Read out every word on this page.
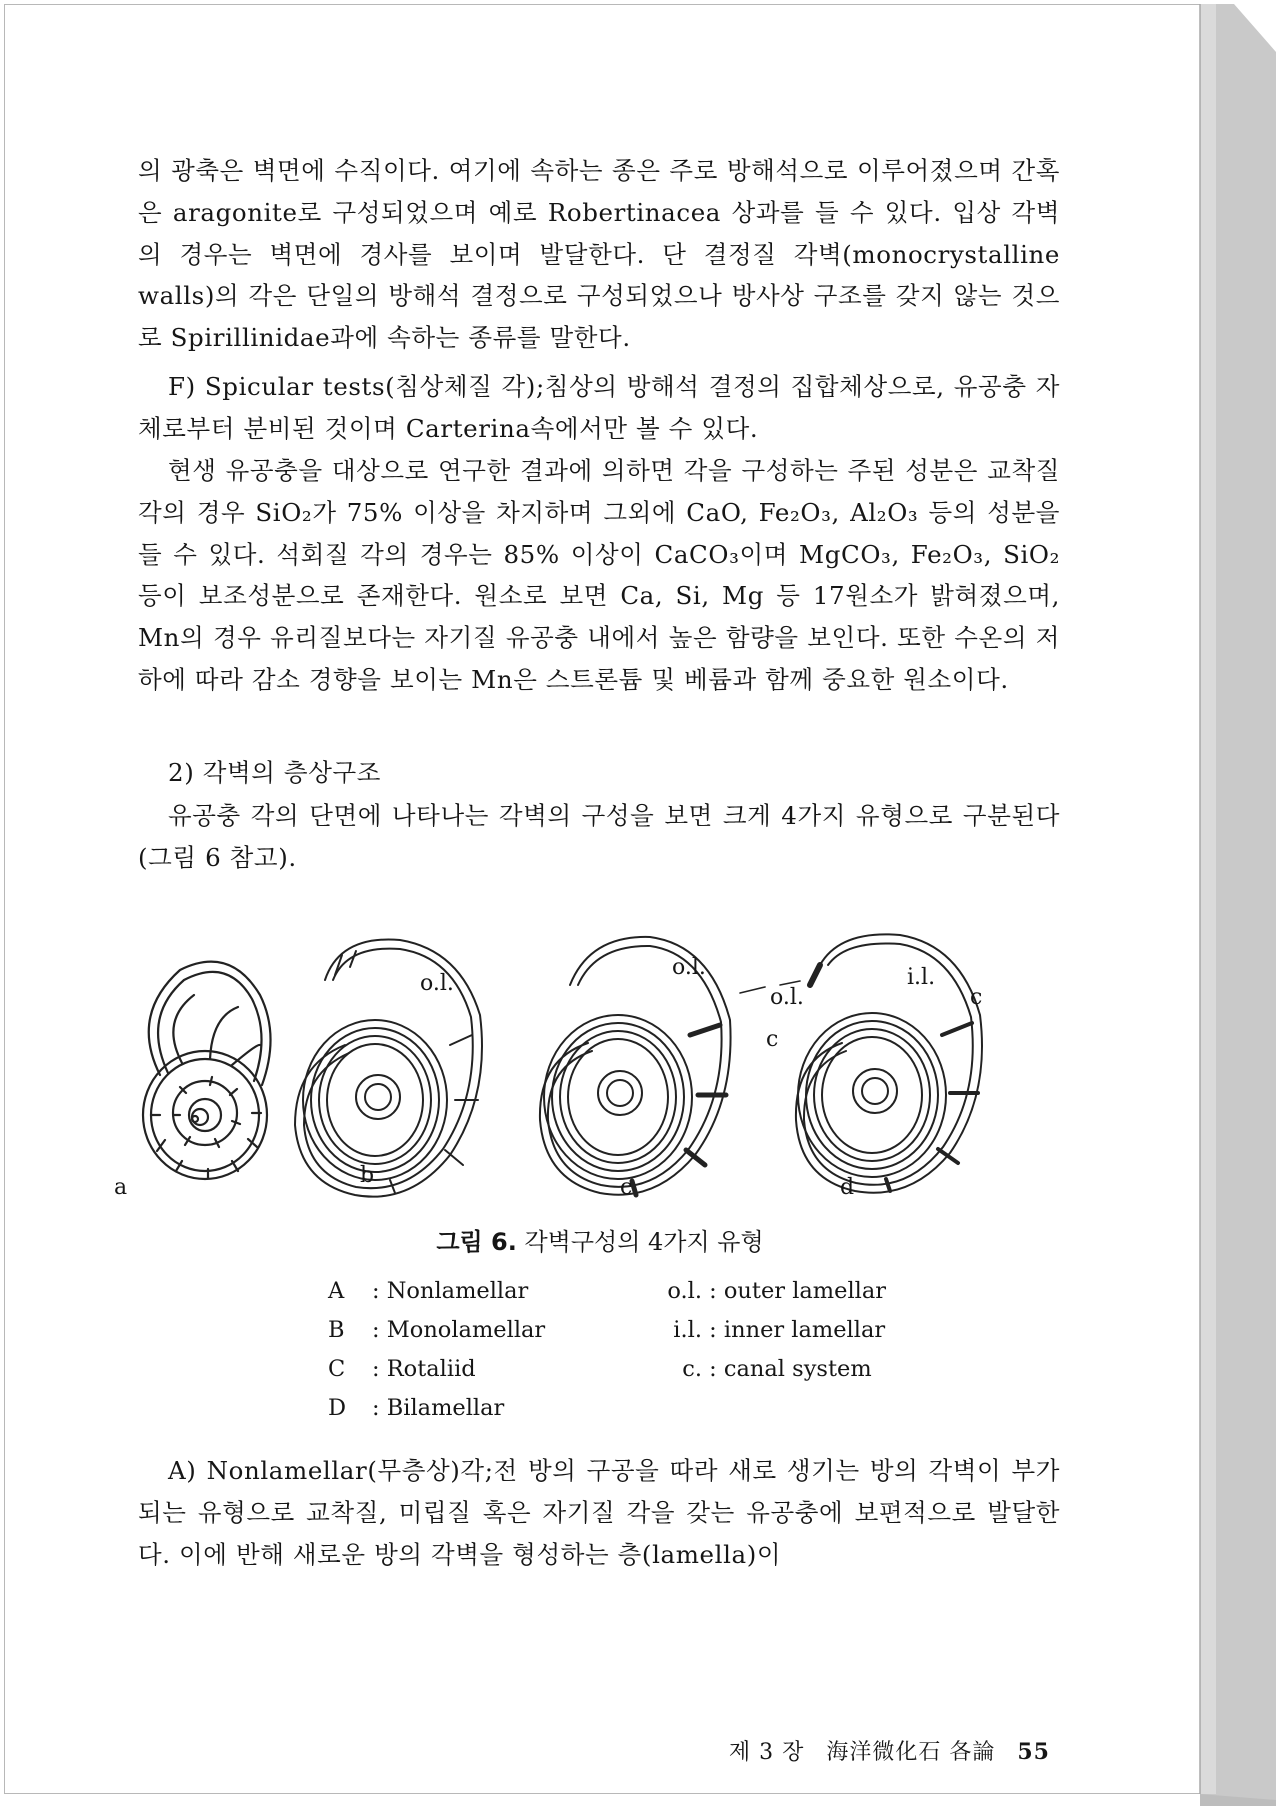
의 광축은 벽면에 수직이다. 여기에 속하는 종은 주로 방해석으로 이루어졌으며 간혹은 aragonite로 구성되었으며 예로 Robertinacea 상과를 들 수 있다. 입상 각벽의 경우는 벽면에 경사를 보이며 발달한다. 단 결정질 각벽(monocrystalline walls)의 각은 단일의 방해석 결정으로 구성되었으나 방사상 구조를 갖지 않는 것으로 Spirillinidae과에 속하는 종류를 말한다.

F) Spicular tests(침상체질 각);침상의 방해석 결정의 집합체상으로, 유공충 자체로부터 분비된 것이며 Carterina속에서만 볼 수 있다.

현생 유공충을 대상으로 연구한 결과에 의하면 각을 구성하는 주된 성분은 교착질 각의 경우 SiO₂가 75% 이상을 차지하며 그외에 CaO, Fe₂O₃, Al₂O₃ 등의 성분을 들 수 있다. 석회질 각의 경우는 85% 이상이 CaCO₃이며 MgCO₃, Fe₂O₃, SiO₂ 등이 보조성분으로 존재한다. 원소로 보면 Ca, Si, Mg 등 17원소가 밝혀졌으며, Mn의 경우 유리질보다는 자기질 유공충 내에서 높은 함량을 보인다. 또한 수온의 저하에 따라 감소 경향을 보이는 Mn은 스트론튬 및 베륨과 함께 중요한 원소이다.

2) 각벽의 층상구조

유공충 각의 단면에 나타나는 각벽의 구성을 보면 크게 4가지 유형으로 구분된다(그림 6 참고).

a	b	c	d
o.l.
o.l.
o.l.
i.l.
c
c
그림 6. 각벽구성의 4가지 유형
A : Nonlamellar
B : Monolamellar
C : Rotaliid
D : Bilamellar
o.l. : outer lamellar
i.l. : inner lamellar
c. : canal system

A) Nonlamellar(무층상)각;전 방의 구공을 따라 새로 생기는 방의 각벽이 부가되는 유형으로 교착질, 미립질 혹은 자기질 각을 갖는 유공충에 보편적으로 발달한다. 이에 반해 새로운 방의 각벽을 형성하는 층(lamella)이

제 3 장 海洋微化石 各論 55
